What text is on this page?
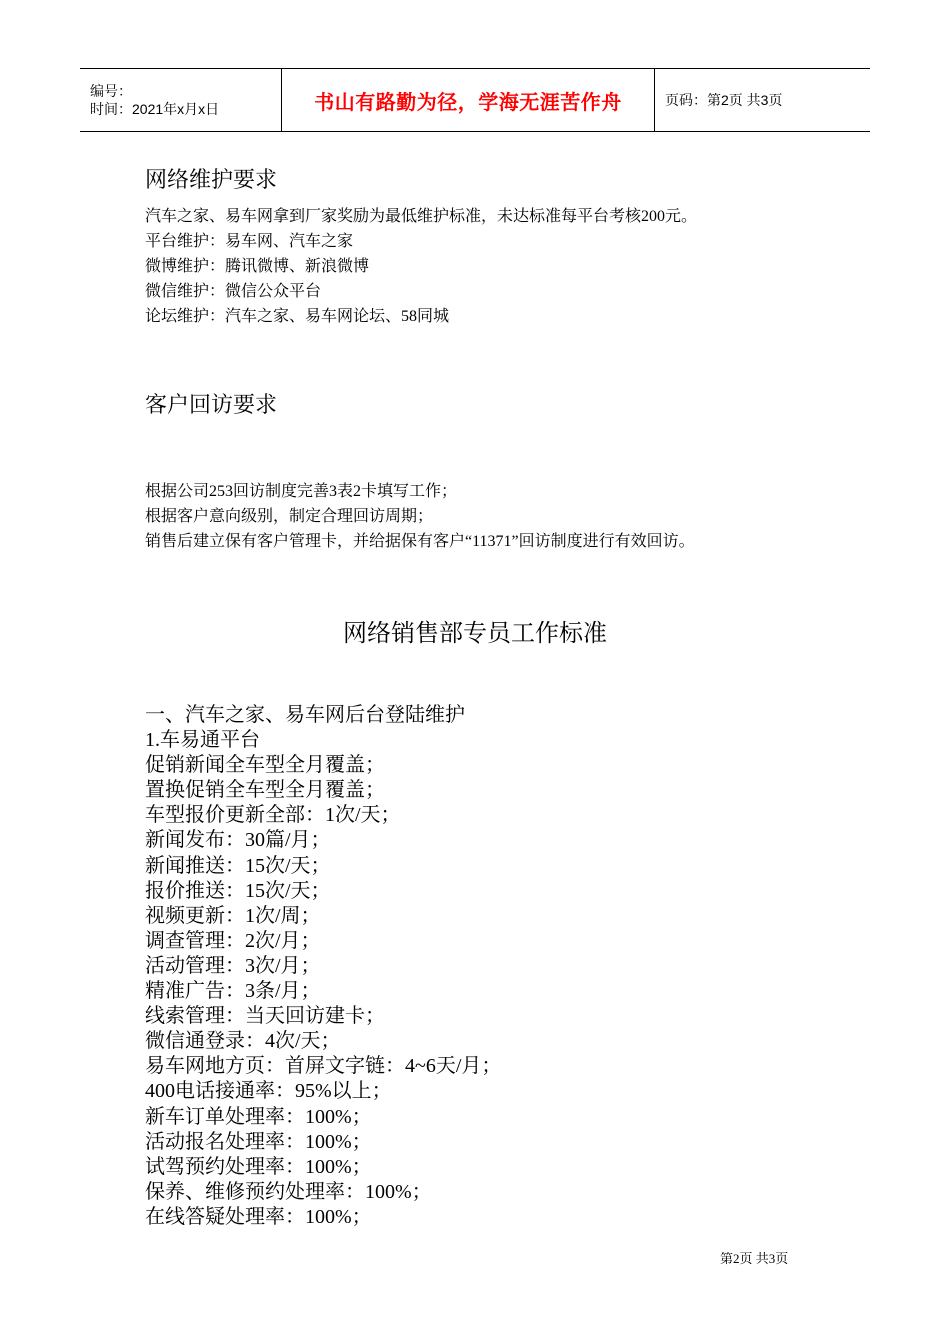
编号：
时间：2021年x月x日	书山有路勤为径，学海无涯苦作舟	页码：第2页 共3页
网络维护要求
汽车之家、易车网拿到厂家奖励为最低维护标准，未达标准每平台考核200元。
平台维护：易车网、汽车之家
微博维护：腾讯微博、新浪微博
微信维护：微信公众平台
论坛维护：汽车之家、易车网论坛、58同城
客户回访要求
根据公司253回访制度完善3表2卡填写工作；
根据客户意向级别，制定合理回访周期；
销售后建立保有客户管理卡，并给据保有客户“11371”回访制度进行有效回访。
网络销售部专员工作标准
一、汽车之家、易车网后台登陆维护
1.车易通平台
促销新闻全车型全月覆盖；
置换促销全车型全月覆盖；
车型报价更新全部：1次/天；
新闻发布：30篇/月；
新闻推送：15次/天；
报价推送：15次/天；
视频更新：1次/周；
调查管理：2次/月；
活动管理：3次/月；
精准广告：3条/月；
线索管理：当天回访建卡；
微信通登录：4次/天；
易车网地方页：首屏文字链：4~6天/月；
400电话接通率：95%以上；
新车订单处理率：100%；
活动报名处理率：100%；
试驾预约处理率：100%；
保养、维修预约处理率：100%；
在线答疑处理率：100%；
第2页 共3页
